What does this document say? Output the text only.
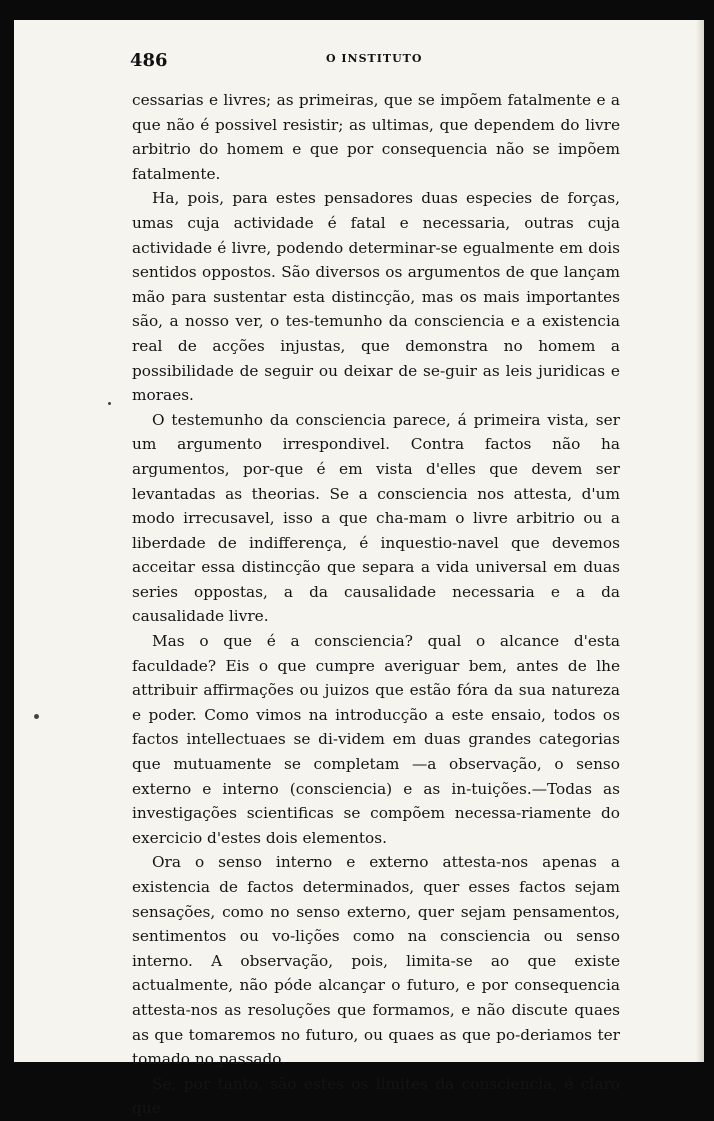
486	O INSTITUTO

cessarias e livres; as primeiras, que se impõem fatalmente e a que não é possivel resistir; as ultimas, que dependem do livre arbitrio do homem e que por consequencia não se impõem fatalmente.

Ha, pois, para estes pensadores duas especies de forças, umas cuja actividade é fatal e necessaria, outras cuja actividade é livre, podendo determinar-se egualmente em dois sentidos oppostos. São diversos os argumentos de que lançam mão para sustentar esta distincção, mas os mais importantes são, a nosso ver, o tes-temunho da consciencia e a existencia real de acções injustas, que demonstra no homem a possibilidade de seguir ou deixar de se-guir as leis juridicas e moraes.

O testemunho da consciencia parece, á primeira vista, ser um argumento irrespondivel. Contra factos não ha argumentos, por-que é em vista d'elles que devem ser levantadas as theorias. Se a consciencia nos attesta, d'um modo irrecusavel, isso a que cha-mam o livre arbitrio ou a liberdade de indifferença, é inquestio-navel que devemos acceitar essa distincção que separa a vida universal em duas series oppostas, a da causalidade necessaria e a da causalidade livre.

Mas o que é a consciencia? qual o alcance d'esta faculdade? Eis o que cumpre averiguar bem, antes de lhe attribuir affirmações ou juizos que estão fóra da sua natureza e poder. Como vimos na introducção a este ensaio, todos os factos intellectuaes se di-videm em duas grandes categorias que mutuamente se completam —a observação, o senso externo e interno (consciencia) e as in-tuições.—Todas as investigações scientificas se compõem necessa-riamente do exercicio d'estes dois elementos.

Ora o senso interno e externo attesta-nos apenas a existencia de factos determinados, quer esses factos sejam sensações, como no senso externo, quer sejam pensamentos, sentimentos ou vo-lições como na consciencia ou senso interno. A observação, pois, limita-se ao que existe actualmente, não póde alcançar o futuro, e por consequencia attesta-nos as resoluções que formamos, e não discute quaes as que tomaremos no futuro, ou quaes as que po-deriamos ter tomado no passado.

Se, por tanto, são estes os limites da consciencia, é claro que
